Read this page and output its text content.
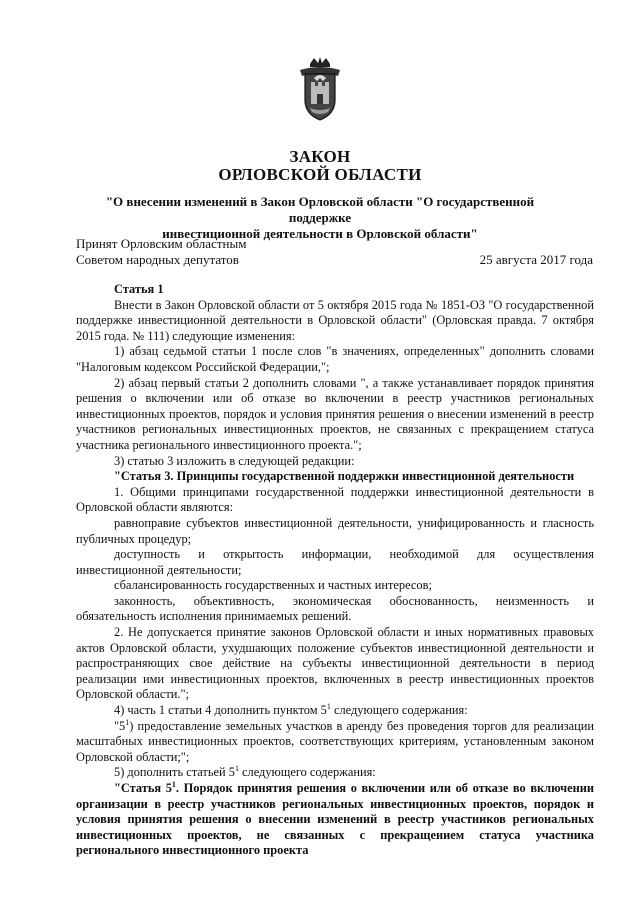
ЗАКОН
ОРЛОВСКОЙ ОБЛАСТИ
"О внесении изменений в Закон Орловской области "О государственной поддержке
инвестиционной деятельности в Орловской области"
Принят Орловским областным
Советом народных депутатов	25 августа 2017 года

Статья 1

Внести в Закон Орловской области от 5 октября 2015 года № 1851-ОЗ "О государственной поддержке инвестиционной деятельности в Орловской области" (Орловская правда. 7 октября 2015 года. № 111) следующие изменения:

1) абзац седьмой статьи 1 после слов "в значениях, определенных" дополнить словами "Налоговым кодексом Российской Федерации,";

2) абзац первый статьи 2 дополнить словами ", а также устанавливает порядок принятия решения о включении или об отказе во включении в реестр участников региональных инвестиционных проектов, порядок и условия принятия решения о внесении изменений в реестр участников региональных инвестиционных проектов, не связанных с прекращением статуса участника регионального инвестиционного проекта.";

3) статью 3 изложить в следующей редакции:

"Статья 3. Принципы государственной поддержки инвестиционной деятельности

1. Общими принципами государственной поддержки инвестиционной деятельности в Орловской области являются:

равноправие субъектов инвестиционной деятельности, унифицированность и гласность публичных процедур;

доступность и открытость информации, необходимой для осуществления инвестиционной деятельности;

сбалансированность государственных и частных интересов;

законность, объективность, экономическая обоснованность, неизменность и обязательность исполнения принимаемых решений.

2. Не допускается принятие законов Орловской области и иных нормативных правовых актов Орловской области, ухудшающих положение субъектов инвестиционной деятельности и распространяющих свое действие на субъекты инвестиционной деятельности в период реализации ими инвестиционных проектов, включенных в реестр инвестиционных проектов Орловской области.";

4) часть 1 статьи 4 дополнить пунктом $5^1$ следующего содержания:

"$5^1$) предоставление земельных участков в аренду без проведения торгов для реализации масштабных инвестиционных проектов, соответствующих критериям, установленным законом Орловской области;";

5) дополнить статьей $5^1$ следующего содержания:

"Статья $5^1$. Порядок принятия решения о включении или об отказе во включении организации в реестр участников региональных инвестиционных проектов, порядок и условия принятия решения о внесении изменений в реестр участников региональных инвестиционных проектов, не связанных с прекращением статуса участника регионального инвестиционного проекта
